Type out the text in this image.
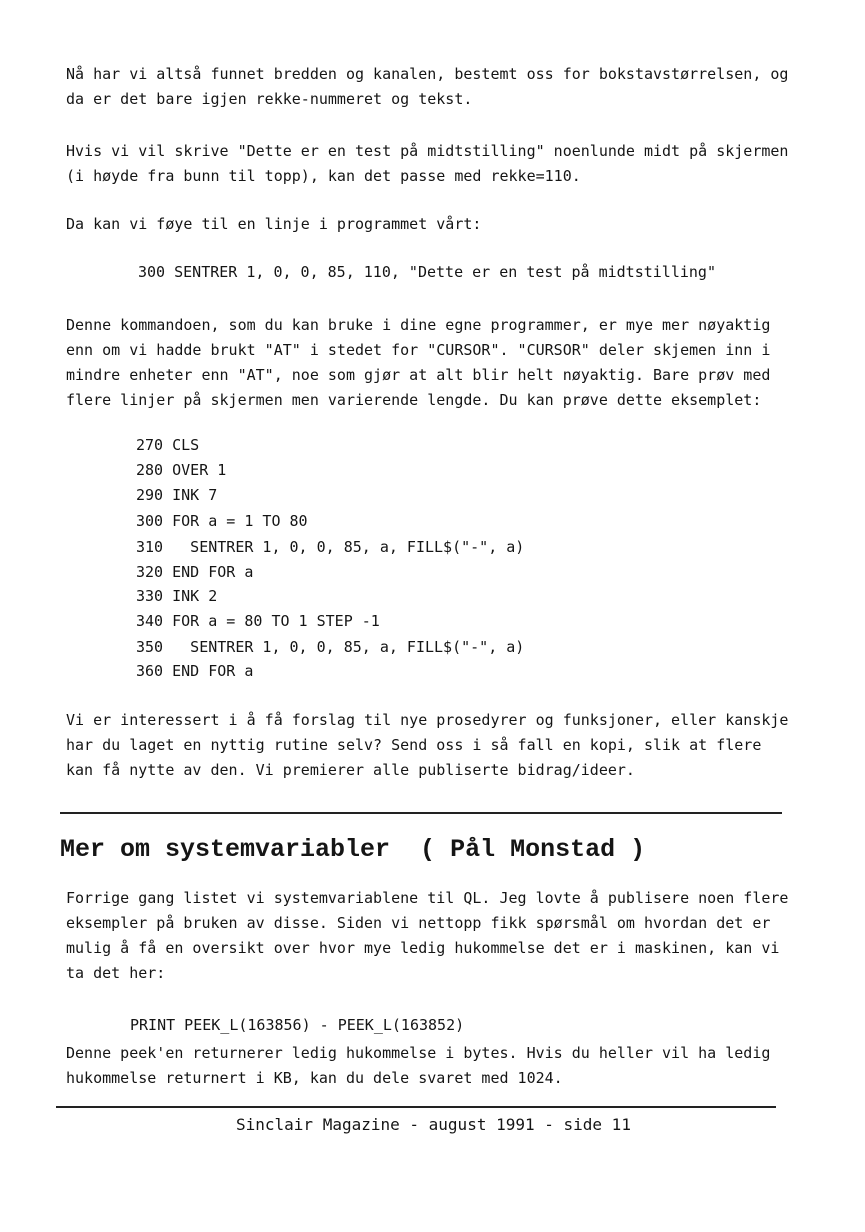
Nå har vi altså funnet bredden og kanalen, bestemt oss for bokstavstørrelsen, og
da er det bare igjen rekke-nummeret og tekst.

Hvis vi vil skrive "Dette er en test på midtstilling" noenlunde midt på skjermen
(i høyde fra bunn til topp), kan det passe med rekke=110.

Da kan vi føye til en linje i programmet vårt:

300 SENTRER 1, 0, 0, 85, 110, "Dette er en test på midtstilling"

Denne kommandoen, som du kan bruke i dine egne programmer, er mye mer nøyaktig
enn om vi hadde brukt "AT" i stedet for "CURSOR". "CURSOR" deler skjemen inn i
mindre enheter enn "AT", noe som gjør at alt blir helt nøyaktig. Bare prøv med
flere linjer på skjermen men varierende lengde. Du kan prøve dette eksemplet:

270 CLS

280 OVER 1

290 INK 7

300 FOR a = 1 TO 80

310   SENTRER 1, 0, 0, 85, a, FILL$("-", a)

320 END FOR a

330 INK 2

340 FOR a = 80 TO 1 STEP -1

350   SENTRER 1, 0, 0, 85, a, FILL$("-", a)

360 END FOR a

Vi er interessert i å få forslag til nye prosedyrer og funksjoner, eller kanskje
har du laget en nyttig rutine selv? Send oss i så fall en kopi, slik at flere
kan få nytte av den. Vi premierer alle publiserte bidrag/ideer.

Mer om systemvariabler  ( Pål Monstad )

Forrige gang listet vi systemvariablene til QL. Jeg lovte å publisere noen flere
eksempler på bruken av disse. Siden vi nettopp fikk spørsmål om hvordan det er
mulig å få en oversikt over hvor mye ledig hukommelse det er i maskinen, kan vi
ta det her:

PRINT PEEK_L(163856) - PEEK_L(163852)

Denne peek'en returnerer ledig hukommelse i bytes. Hvis du heller vil ha ledig
hukommelse returnert i KB, kan du dele svaret med 1024.

Sinclair Magazine - august 1991 - side 11
